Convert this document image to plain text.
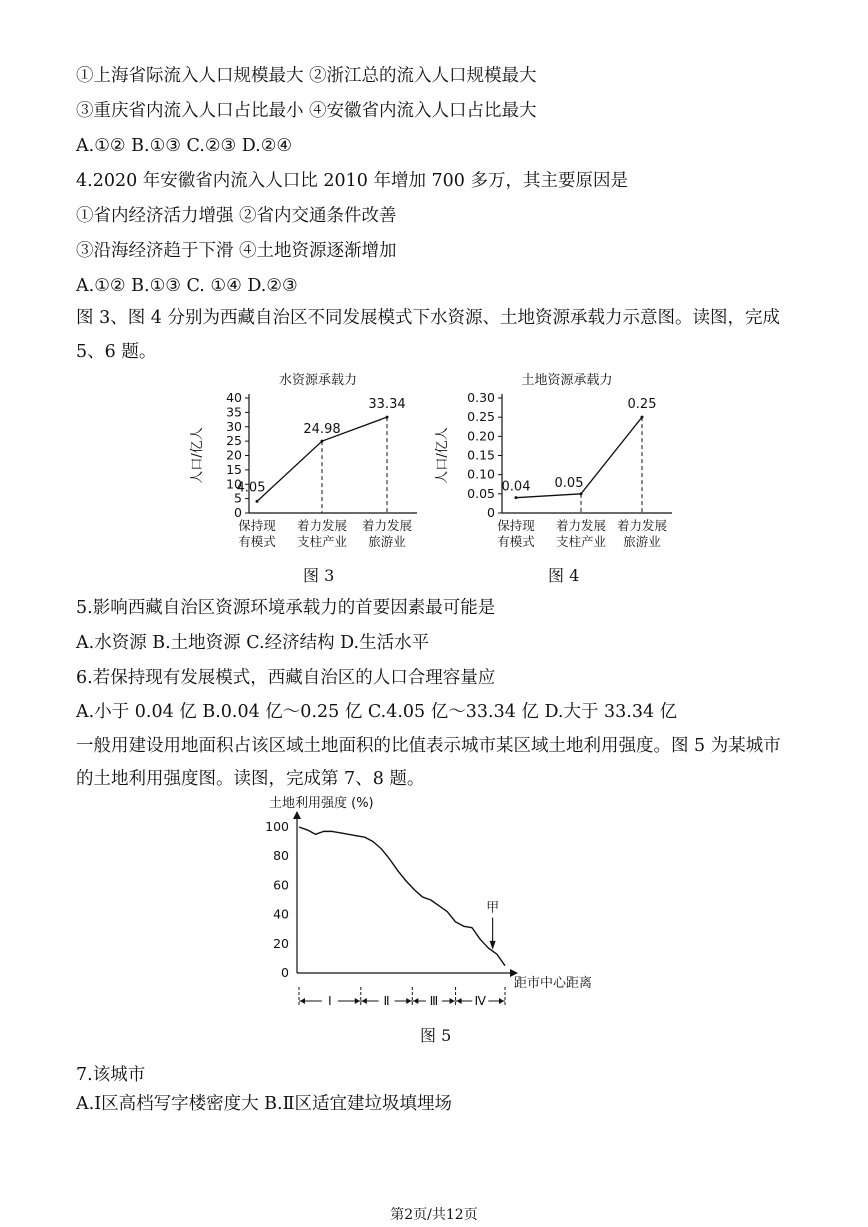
①上海省际流入人口规模最大 ②浙江总的流入人口规模最大
③重庆省内流入人口占比最小 ④安徽省内流入人口占比最大
A.①② B.①③ C.②③ D.②④
4.2020 年安徽省内流入人口比 2010 年增加 700 多万，其主要原因是
①省内经济活力增强 ②省内交通条件改善
③沿海经济趋于下滑 ④土地资源逐渐增加
A.①② B.①③ C. ①④ D.②③
图 3、图 4 分别为西藏自治区不同发展模式下水资源、土地资源承载力示意图。读图，完成
5、6 题。
水资源承载力
0
5
10
15
20
25
30
35
40
人口/亿人
4.05
24.98
33.34
保持现
有模式
着力发展
支柱产业
着力发展
旅游业
图 3
土地资源承载力
0
0.05
0.10
0.15
0.20
0.25
0.30
人口/亿人
0.04 0.05
0.25
保持现
有模式
着力发展
支柱产业
着力发展
旅游业
图 4
5.影响西藏自治区资源环境承载力的首要因素最可能是
A.水资源 B.土地资源 C.经济结构 D.生活水平
6.若保持现有发展模式，西藏自治区的人口合理容量应
A.小于 0.04 亿 B.0.04 亿～0.25 亿 C.4.05 亿～33.34 亿 D.大于 33.34 亿
一般用建设用地面积占该区域土地面积的比值表示城市某区域土地利用强度。图 5 为某城市
的土地利用强度图。读图，完成第 7、8 题。
土地利用强度 (%)
距市中心距离
0
20
40
60
80
100
甲
Ⅰ	Ⅱ	Ⅲ	Ⅳ
图 5
7.该城市
A.Ⅰ区高档写字楼密度大 B.Ⅱ区适宜建垃圾填埋场
第2页/共12页
